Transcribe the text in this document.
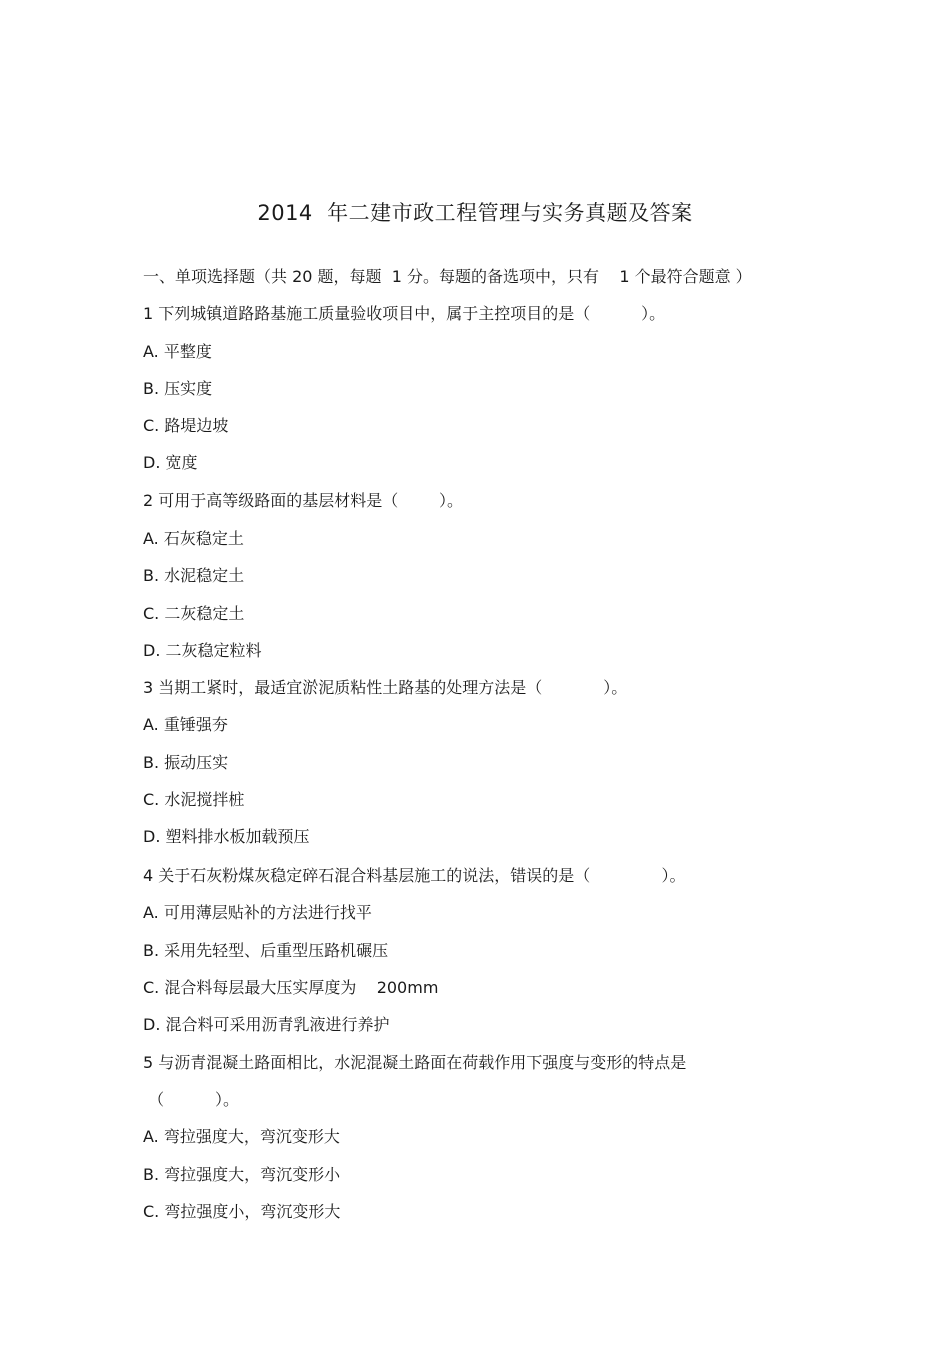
2014  年二建市政工程管理与实务真题及答案
一、单项选择题（共 20 题，每题  1 分。每题的备选项中，只有    1 个最符合题意 ）
1 下列城镇道路路基施工质量验收项目中，属于主控项目的是（          ）。
A. 平整度
B. 压实度
C. 路堤边坡
D. 宽度
2 可用于高等级路面的基层材料是（        ）。
A. 石灰稳定土
B. 水泥稳定土
C. 二灰稳定土
D. 二灰稳定粒料
3 当期工紧时，最适宜淤泥质粘性土路基的处理方法是（            ）。
A. 重锤强夯
B. 振动压实
C. 水泥搅拌桩
D. 塑料排水板加载预压
4 关于石灰粉煤灰稳定碎石混合料基层施工的说法，错误的是（              ）。
A. 可用薄层贴补的方法进行找平
B. 采用先轻型、后重型压路机碾压
C. 混合料每层最大压实厚度为    200mm
D. 混合料可采用沥青乳液进行养护
5 与沥青混凝土路面相比，水泥混凝土路面在荷载作用下强度与变形的特点是
（          ）。
A. 弯拉强度大，弯沉变形大
B. 弯拉强度大，弯沉变形小
C. 弯拉强度小，弯沉变形大
